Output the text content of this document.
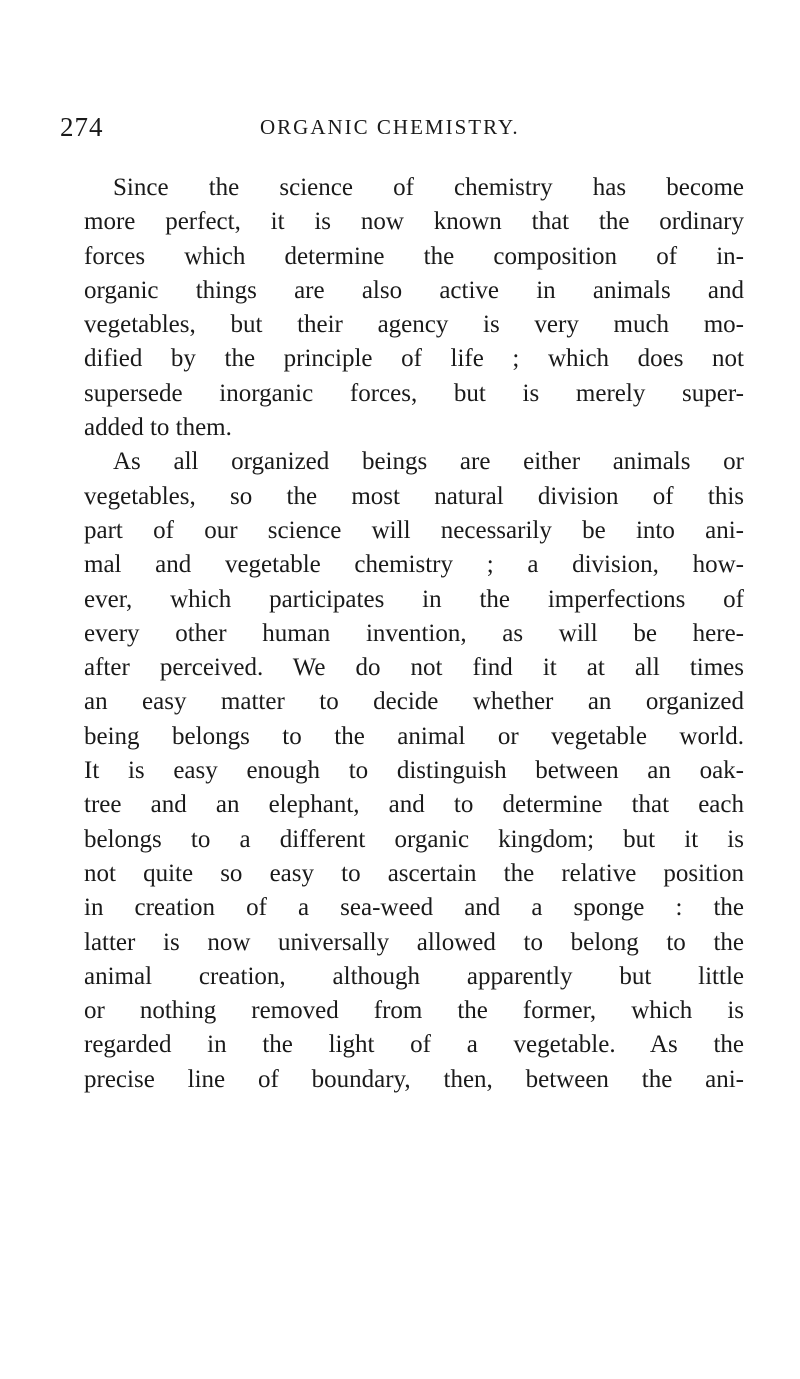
274	ORGANIC CHEMISTRY.
Since the science of chemistry has become
more perfect, it is now known that the ordinary
forces which determine the composition of in-
organic things are also active in animals and
vegetables, but their agency is very much mo-
dified by the principle of life ; which does not
supersede inorganic forces, but is merely super-
added to them.
As all organized beings are either animals or
vegetables, so the most natural division of this
part of our science will necessarily be into ani-
mal and vegetable chemistry ; a division, how-
ever, which participates in the imperfections of
every other human invention, as will be here-
after perceived. We do not find it at all times
an easy matter to decide whether an organized
being belongs to the animal or vegetable world.
It is easy enough to distinguish between an oak-
tree and an elephant, and to determine that each
belongs to a different organic kingdom; but it is
not quite so easy to ascertain the relative position
in creation of a sea-weed and a sponge : the
latter is now universally allowed to belong to the
animal creation, although apparently but little
or nothing removed from the former, which is
regarded in the light of a vegetable. As the
precise line of boundary, then, between the ani-
